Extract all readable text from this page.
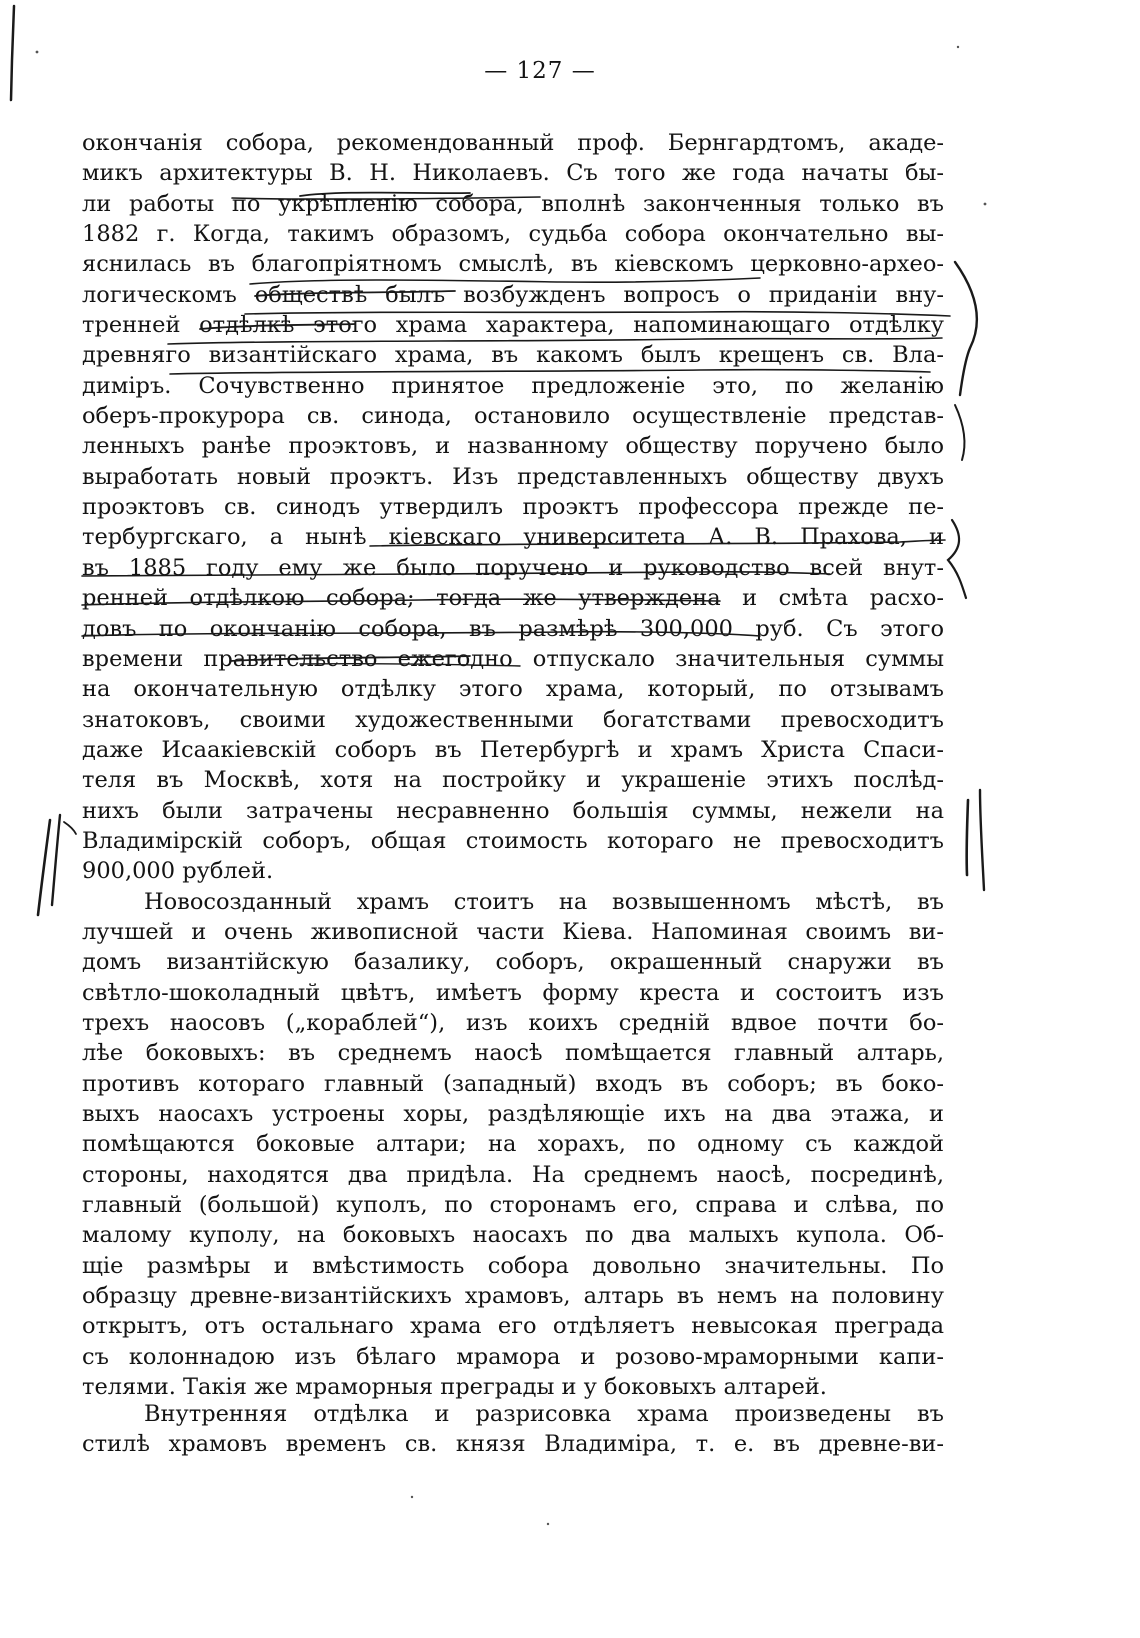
— 127 —
окончанія собора, рекомендованный проф. Бернгардтомъ, акаде-
микъ архитектуры В. Н. Николаевъ. Съ того же года начаты бы-
ли работы по укрѣпленію собора, вполнѣ законченныя только въ
1882 г. Когда, такимъ образомъ, судьба собора окончательно вы-
яснилась въ благопріятномъ смыслѣ, въ кіевскомъ церковно-археo-
логическомъ обществѣ былъ возбужденъ вопросъ о приданіи вну-
тренней отдѣлкѣ этого храма характера, напоминающаго отдѣлку
древняго византійскаго храма, въ какомъ былъ крещенъ св. Вла-
диміръ. Сочувственно принятое предложеніе это, по желанію
оберъ-прокурора св. синода, остановило осуществленіе представ-
ленныхъ ранѣе проэктовъ, и названному обществу поручено было
выработать новый проэктъ. Изъ представленныхъ обществу двухъ
проэктовъ св. синодъ утвердилъ проэктъ профессора прежде пе-
тербургскаго, а нынѣ кіевскаго университета А. В. Прахова, и
въ 1885 году ему же было поручено и руководство всей внут-
ренней отдѣлкою собора; тогда же утверждена и смѣта расхо-
довъ по окончанію собора, въ размѣрѣ 300,000 руб. Съ этого
времени правительство ежегодно отпускало значительныя суммы
на окончательную отдѣлку этого храма, который, по отзывамъ
знатоковъ, своими художественными богатствами превосходитъ
даже Исаакіевскій соборъ въ Петербургѣ и храмъ Христа Спаси-
теля въ Москвѣ, хотя на постройку и украшеніе этихъ послѣд-
нихъ были затрачены несравненно большія суммы, нежели на
Владимірскій соборъ, общая стоимость котораго не превосходитъ
900,000 рублей.
Новосозданный храмъ стоитъ на возвышенномъ мѣстѣ, въ
лучшей и очень живописной части Кіева. Напоминая своимъ ви-
домъ византійскую базалику, соборъ, окрашенный снаружи въ
свѣтло-шоколадный цвѣтъ, имѣетъ форму креста и состоитъ изъ
трехъ наосовъ („кораблей“), изъ коихъ среднiй вдвое почти бо-
лѣе боковыхъ: въ среднемъ наосѣ помѣщается главный алтарь,
противъ котораго главный (западный) входъ въ соборъ; въ боко-
выхъ наосахъ устроены хоры, раздѣляющіе ихъ на два этажа, и
помѣщаются боковые алтари; на хорахъ, по одному съ каждой
стороны, находятся два придѣла. На среднемъ наосѣ, посрединѣ,
главный (большой) куполъ, по сторонамъ его, справа и слѣва, по
малому куполу, на боковыхъ наосахъ по два малыхъ купола. Об-
щіе размѣры и вмѣстимость собора довольно значительны. По
образцу древне-византійскихъ храмовъ, алтарь въ немъ на половину
открытъ, отъ остальнаго храма его отдѣляетъ невысокая преграда
съ колоннадою изъ бѣлаго мрамора и розово-мраморными капи-
телями. Такія же мраморныя преграды и у боковыхъ алтарей.
Внутренняя отдѣлка и разрисовка храма произведены въ
стилѣ храмовъ временъ св. князя Владиміра, т. е. въ древне-ви-
